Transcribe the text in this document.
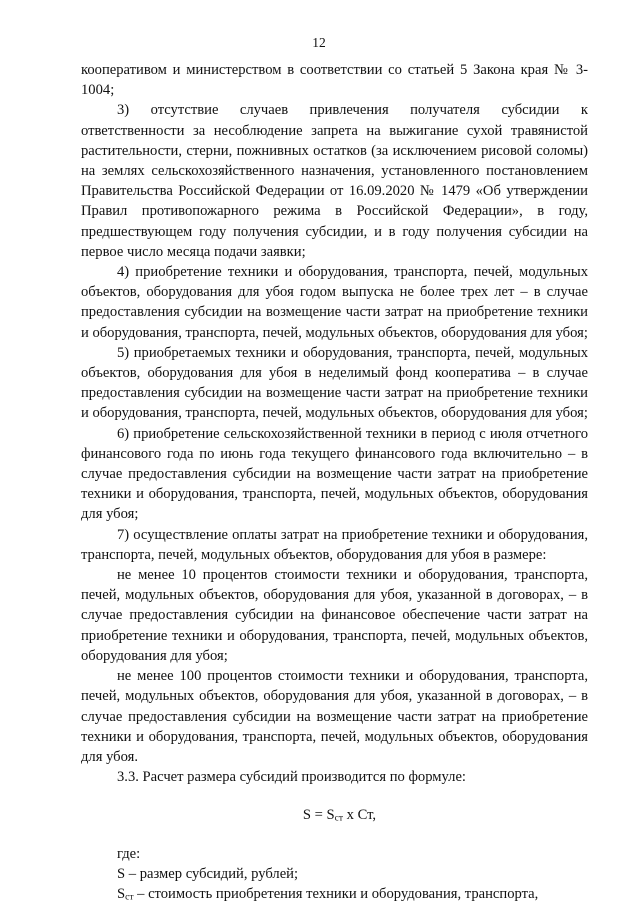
12

кооперативом и министерством в соответствии со статьей 5 Закона края № 3-1004;

3) отсутствие случаев привлечения получателя субсидии к ответственности за несоблюдение запрета на выжигание сухой травянистой растительности, стерни, пожнивных остатков (за исключением рисовой соломы) на землях сельскохозяйственного назначения, установленного постановлением Правительства Российской Федерации от 16.09.2020 № 1479 «Об утверждении Правил противопожарного режима в Российской Федерации», в году, предшествующем году получения субсидии, и в году получения субсидии на первое число месяца подачи заявки;

4) приобретение техники и оборудования, транспорта, печей, модульных объектов, оборудования для убоя годом выпуска не более трех лет – в случае предоставления субсидии на возмещение части затрат на приобретение техники и оборудования, транспорта, печей, модульных объектов, оборудования для убоя;

5) приобретаемых техники и оборудования, транспорта, печей, модульных объектов, оборудования для убоя в неделимый фонд кооператива – в случае предоставления субсидии на возмещение части затрат на приобретение техники и оборудования, транспорта, печей, модульных объектов, оборудования для убоя;

6) приобретение сельскохозяйственной техники в период с июля отчетного финансового года по июнь года текущего финансового года включительно – в случае предоставления субсидии на возмещение части затрат на приобретение техники и оборудования, транспорта, печей, модульных объектов, оборудования для убоя;

7) осуществление оплаты затрат на приобретение техники и оборудования, транспорта, печей, модульных объектов, оборудования для убоя в размере:

не менее 10 процентов стоимости техники и оборудования, транспорта, печей, модульных объектов, оборудования для убоя, указанной в договорах, – в случае предоставления субсидии на финансовое обеспечение части затрат на приобретение техники и оборудования, транспорта, печей, модульных объектов, оборудования для убоя;

не менее 100 процентов стоимости техники и оборудования, транспорта, печей, модульных объектов, оборудования для убоя, указанной в договорах, – в случае предоставления субсидии на возмещение части затрат на приобретение техники и оборудования, транспорта, печей, модульных объектов, оборудования для убоя.

3.3. Расчет размера субсидий производится по формуле:

$S = S_{ст}$ x Ст,

где:

S – размер субсидий, рублей;

$S_{ст}$ – стоимость приобретения техники и оборудования, транспорта,
